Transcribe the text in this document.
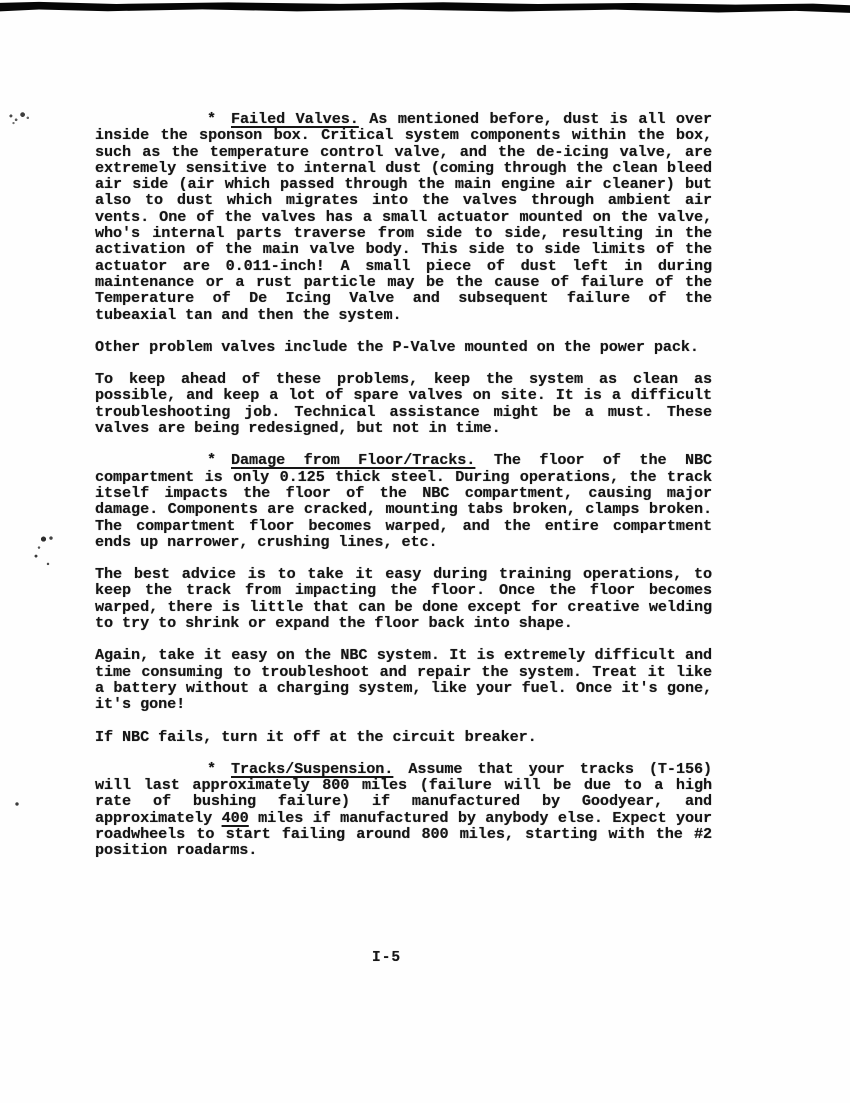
* Failed Valves. As mentioned before, dust is all over inside the sponson box. Critical system components within the box, such as the temperature control valve, and the de-icing valve, are extremely sensitive to internal dust (coming through the clean bleed air side (air which passed through the main engine air cleaner) but also to dust which migrates into the valves through ambient air vents. One of the valves has a small actuator mounted on the valve, who's internal parts traverse from side to side, resulting in the activation of the main valve body. This side to side limits of the actuator are 0.011-inch! A small piece of dust left in during maintenance or a rust particle may be the cause of failure of the Temperature of De Icing Valve and subsequent failure of the tubeaxial tan and then the system.

Other problem valves include the P-Valve mounted on the power pack.

To keep ahead of these problems, keep the system as clean as possible, and keep a lot of spare valves on site. It is a difficult troubleshooting job. Technical assistance might be a must. These valves are being redesigned, but not in time.

* Damage from Floor/Tracks. The floor of the NBC compartment is only 0.125 thick steel. During operations, the track itself impacts the floor of the NBC compartment, causing major damage. Components are cracked, mounting tabs broken, clamps broken. The compartment floor becomes warped, and the entire compartment ends up narrower, crushing lines, etc.

The best advice is to take it easy during training operations, to keep the track from impacting the floor. Once the floor becomes warped, there is little that can be done except for creative welding to try to shrink or expand the floor back into shape.

Again, take it easy on the NBC system. It is extremely difficult and time consuming to troubleshoot and repair the system. Treat it like a battery without a charging system, like your fuel. Once it's gone, it's gone!

If NBC fails, turn it off at the circuit breaker.

* Tracks/Suspension. Assume that your tracks (T-156) will last approximately 800 miles (failure will be due to a high rate of bushing failure) if manufactured by Goodyear, and approximately 400 miles if manufactured by anybody else. Expect your roadwheels to start failing around 800 miles, starting with the #2 position roadarms.

I-5
